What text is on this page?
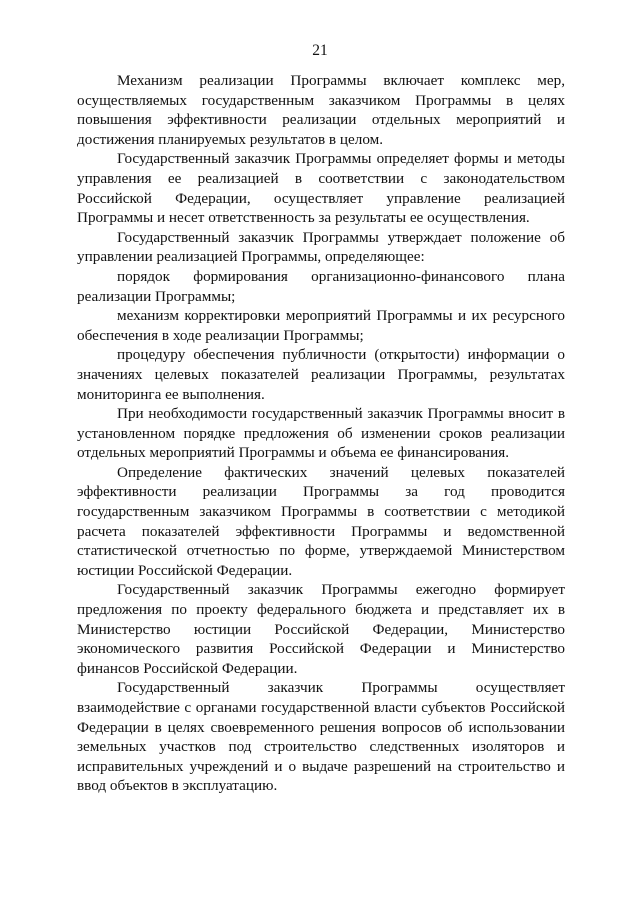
21

Механизм реализации Программы включает комплекс мер, осуществляемых государственным заказчиком Программы в целях повышения эффективности реализации отдельных мероприятий и достижения планируемых результатов в целом.

Государственный заказчик Программы определяет формы и методы управления ее реализацией в соответствии с законодательством Российской Федерации, осуществляет управление реализацией Программы и несет ответственность за результаты ее осуществления.

Государственный заказчик Программы утверждает положение об управлении реализацией Программы, определяющее:

порядок формирования организационно-финансового плана реализации Программы;

механизм корректировки мероприятий Программы и их ресурсного обеспечения в ходе реализации Программы;

процедуру обеспечения публичности (открытости) информации о значениях целевых показателей реализации Программы, результатах мониторинга ее выполнения.

При необходимости государственный заказчик Программы вносит в установленном порядке предложения об изменении сроков реализации отдельных мероприятий Программы и объема ее финансирования.

Определение фактических значений целевых показателей эффективности реализации Программы за год проводится государственным заказчиком Программы в соответствии с методикой расчета показателей эффективности Программы и ведомственной статистической отчетностью по форме, утверждаемой Министерством юстиции Российской Федерации.

Государственный заказчик Программы ежегодно формирует предложения по проекту федерального бюджета и представляет их в Министерство юстиции Российской Федерации, Министерство экономического развития Российской Федерации и Министерство финансов Российской Федерации.

Государственный заказчик Программы осуществляет взаимодействие с органами государственной власти субъектов Российской Федерации в целях своевременного решения вопросов об использовании земельных участков под строительство следственных изоляторов и исправительных учреждений и о выдаче разрешений на строительство и ввод объектов в эксплуатацию.
